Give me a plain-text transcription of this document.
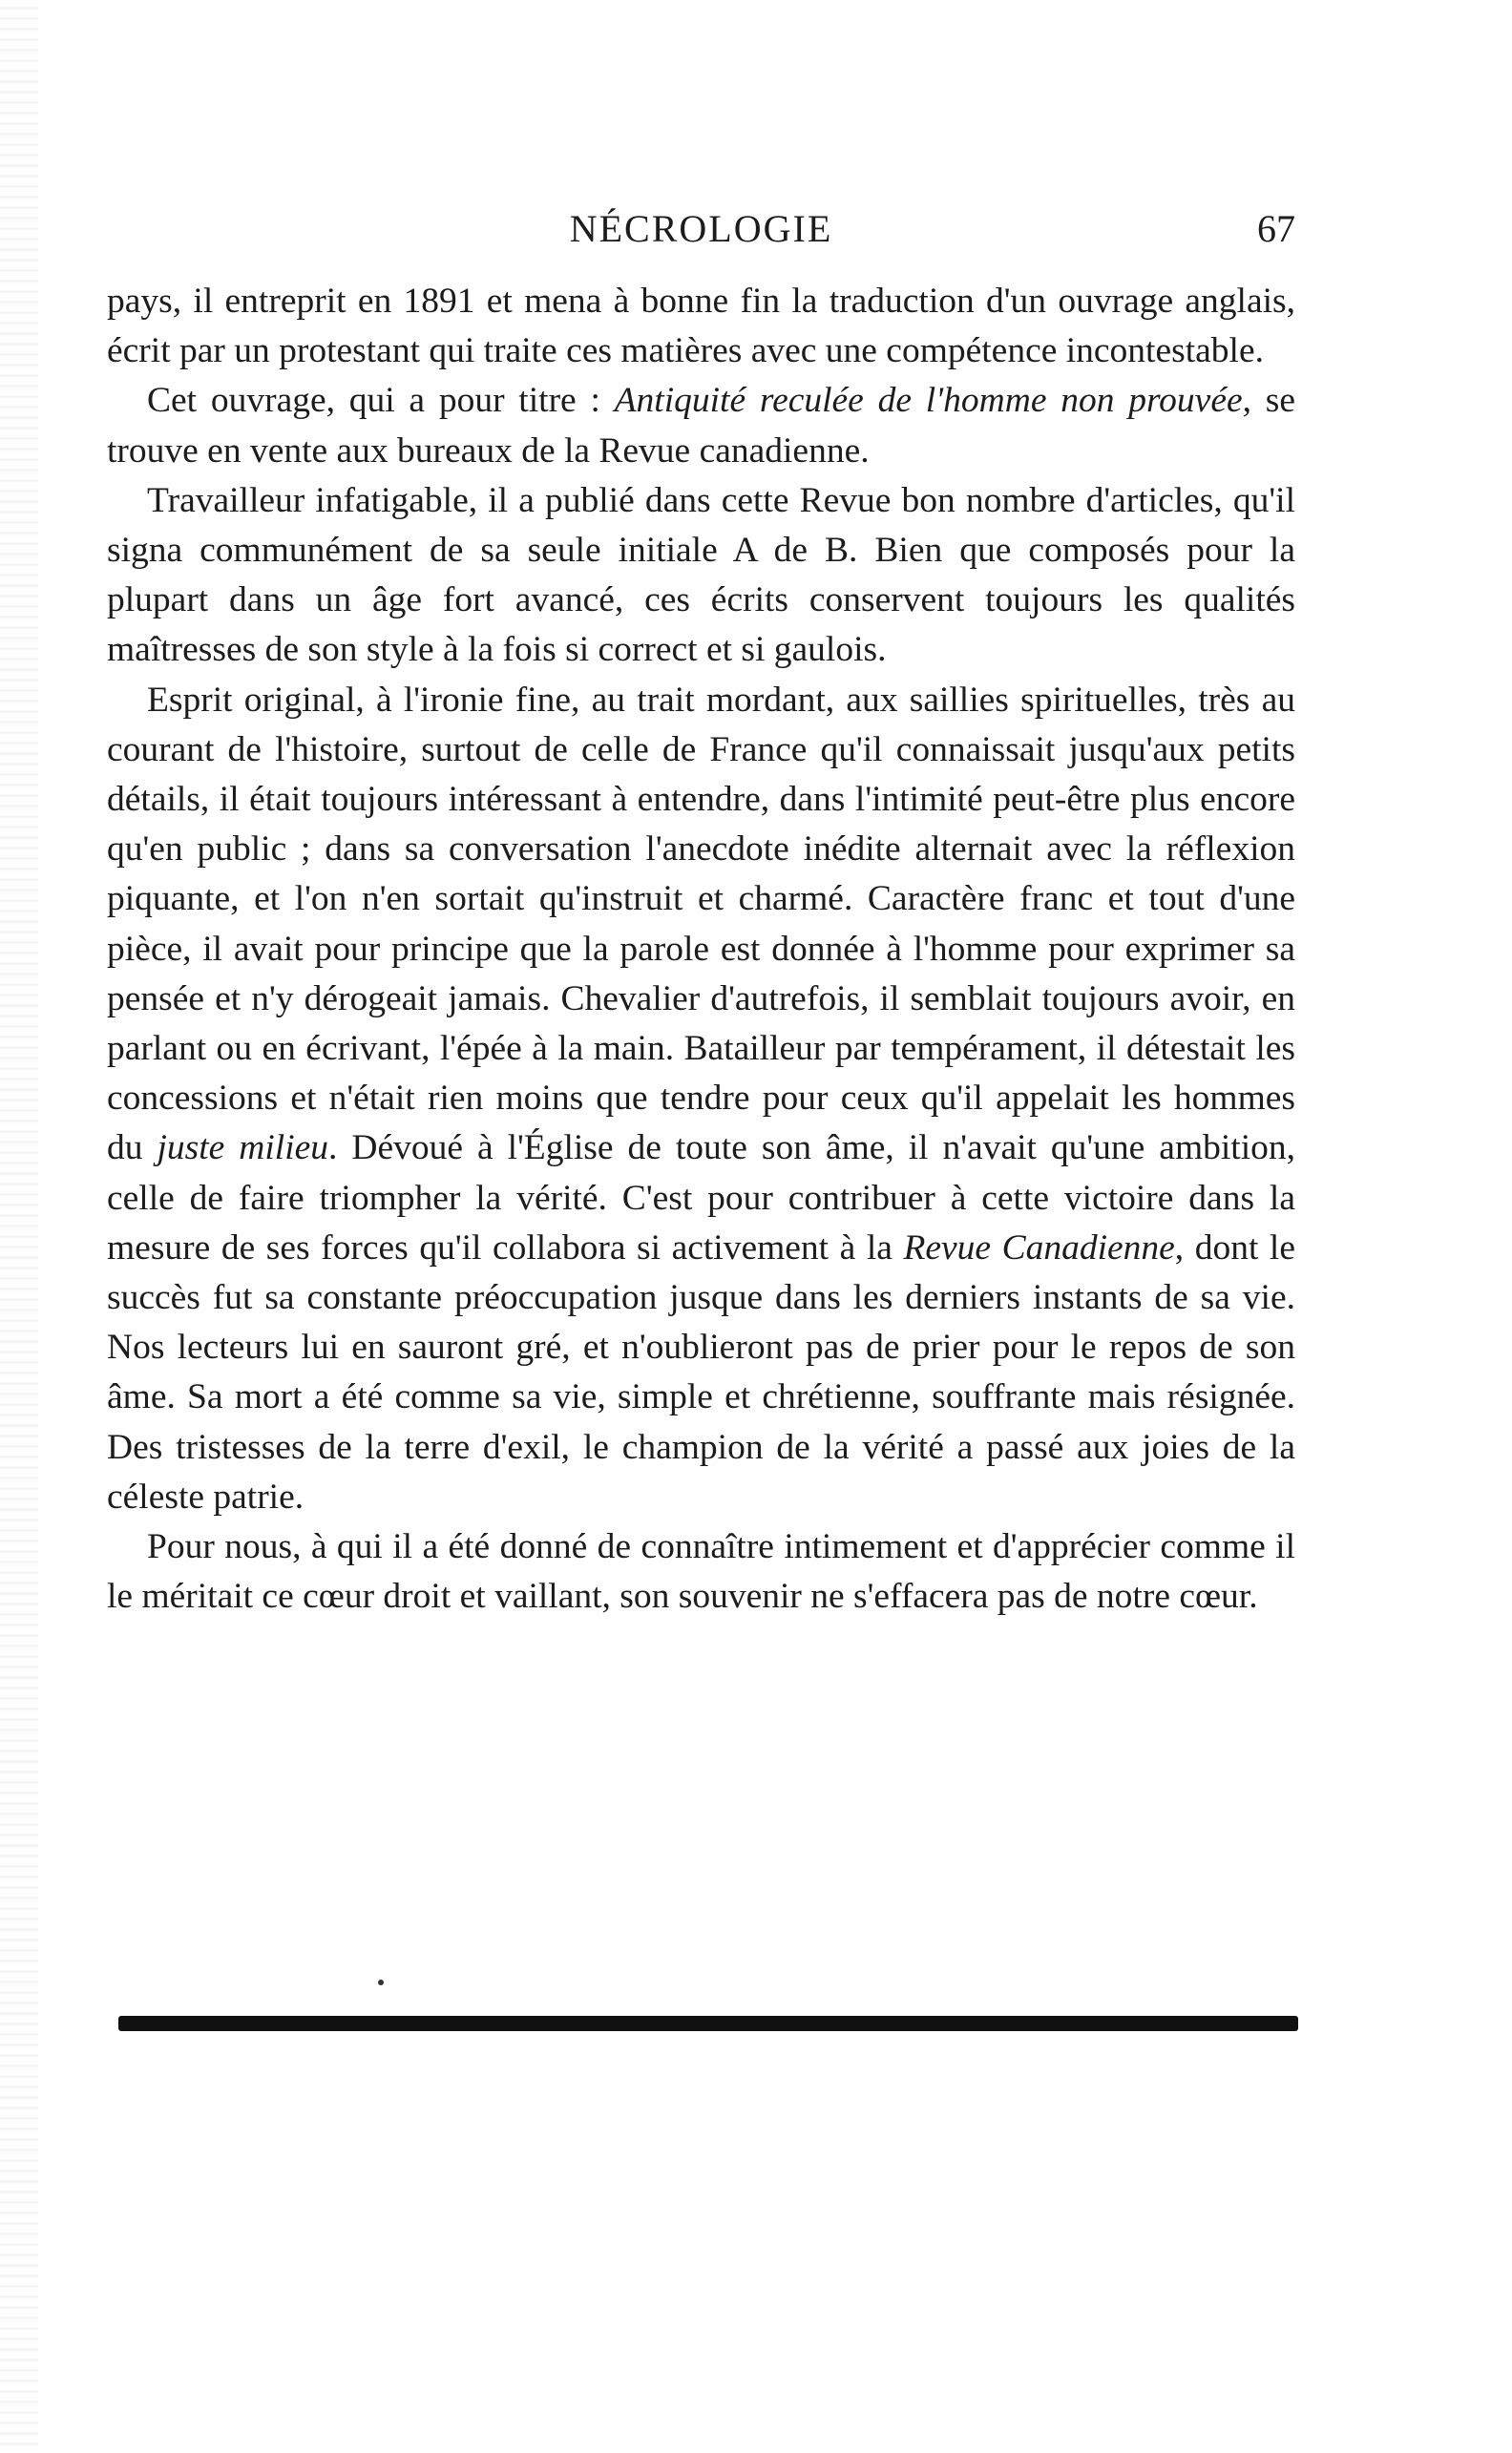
NÉCROLOGIE	67

pays, il entreprit en 1891 et mena à bonne fin la traduction d'un ouvrage anglais, écrit par un protestant qui traite ces matières avec une compétence incontestable.

Cet ouvrage, qui a pour titre : Antiquité reculée de l'homme non prouvée, se trouve en vente aux bureaux de la Revue canadienne.

Travailleur infatigable, il a publié dans cette Revue bon nombre d'articles, qu'il signa communément de sa seule initiale A de B. Bien que composés pour la plupart dans un âge fort avancé, ces écrits conservent toujours les qualités maîtresses de son style à la fois si correct et si gaulois.

Esprit original, à l'ironie fine, au trait mordant, aux saillies spirituelles, très au courant de l'histoire, surtout de celle de France qu'il connaissait jusqu'aux petits détails, il était toujours intéressant à entendre, dans l'intimité peut-être plus encore qu'en public ; dans sa conversation l'anecdote inédite alternait avec la réflexion piquante, et l'on n'en sortait qu'instruit et charmé. Caractère franc et tout d'une pièce, il avait pour principe que la parole est donnée à l'homme pour exprimer sa pensée et n'y dérogeait jamais. Chevalier d'autrefois, il semblait toujours avoir, en parlant ou en écrivant, l'épée à la main. Batailleur par tempérament, il détestait les concessions et n'était rien moins que tendre pour ceux qu'il appelait les hommes du juste milieu. Dévoué à l'Église de toute son âme, il n'avait qu'une ambition, celle de faire triompher la vérité. C'est pour contribuer à cette victoire dans la mesure de ses forces qu'il collabora si activement à la Revue Canadienne, dont le succès fut sa constante préoccupation jusque dans les derniers instants de sa vie. Nos lecteurs lui en sauront gré, et n'oublieront pas de prier pour le repos de son âme. Sa mort a été comme sa vie, simple et chrétienne, souffrante mais résignée. Des tristesses de la terre d'exil, le champion de la vérité a passé aux joies de la céleste patrie.

Pour nous, à qui il a été donné de connaître intimement et d'apprécier comme il le méritait ce cœur droit et vaillant, son souvenir ne s'effacera pas de notre cœur.
